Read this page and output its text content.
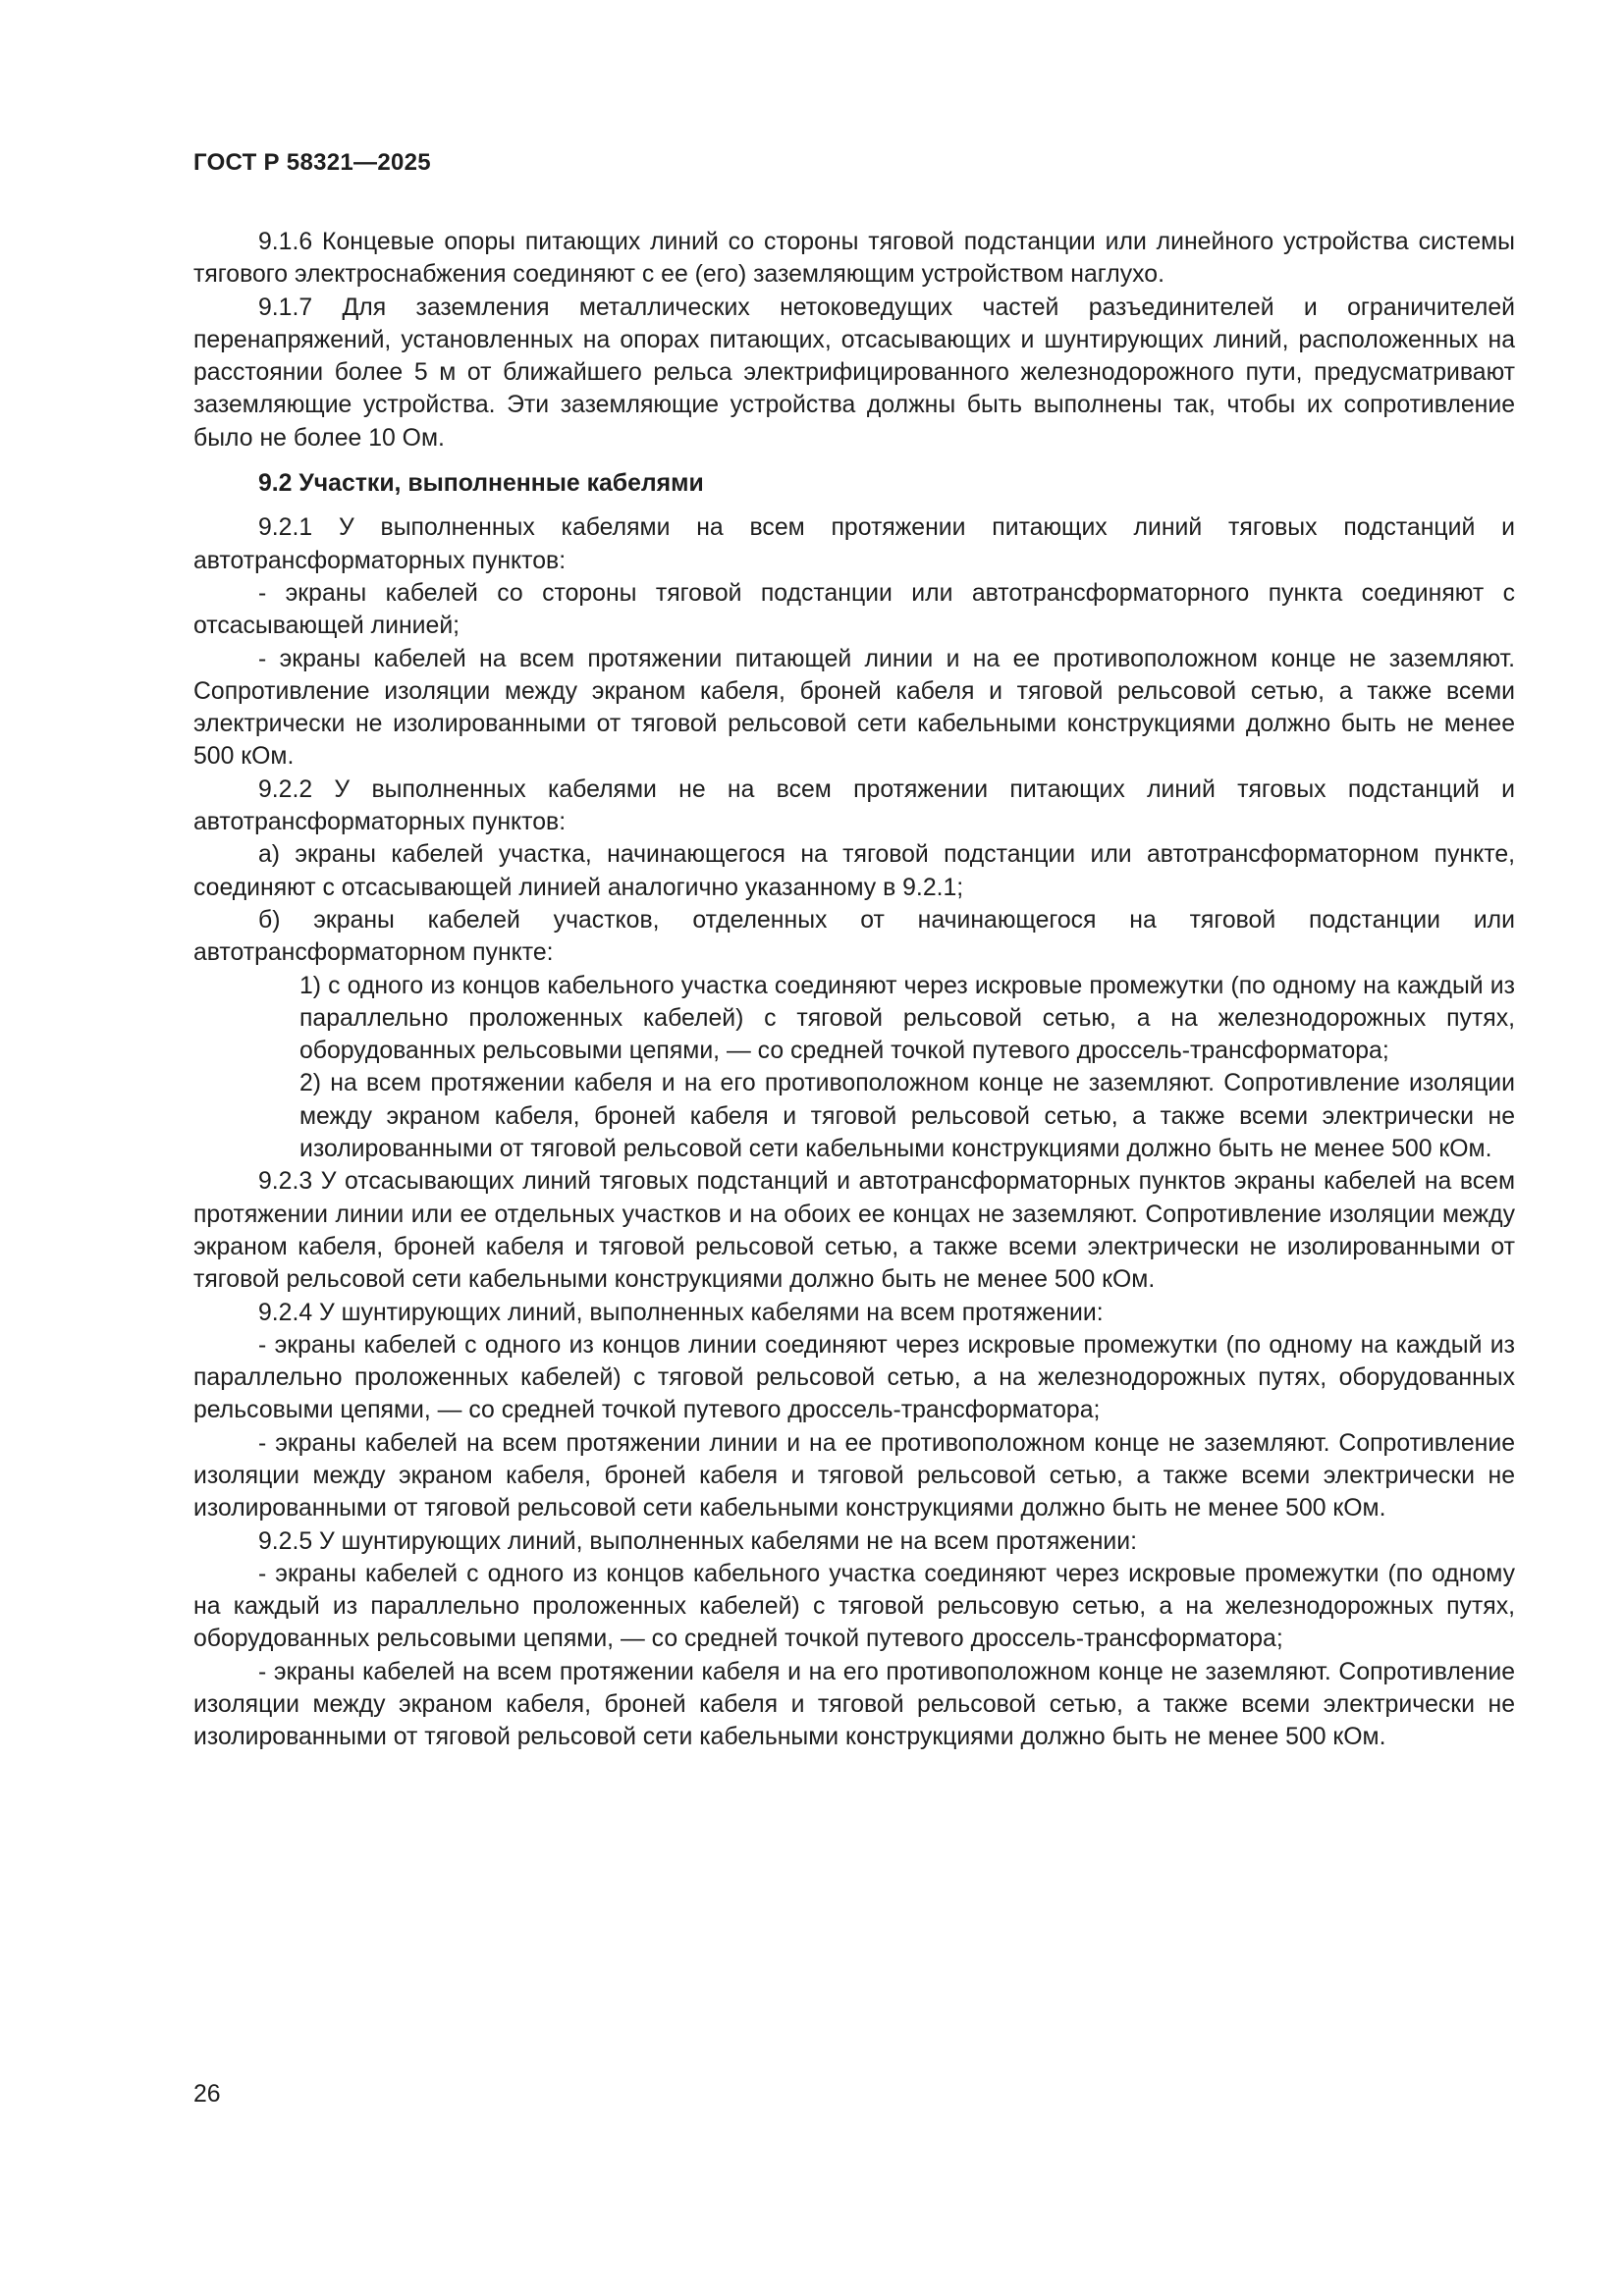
ГОСТ Р 58321—2025

9.1.6 Концевые опоры питающих линий со стороны тяговой подстанции или линейного устройства системы тягового электроснабжения соединяют с ее (его) заземляющим устройством наглухо.

9.1.7 Для заземления металлических нетоковедущих частей разъединителей и ограничителей перенапряжений, установленных на опорах питающих, отсасывающих и шунтирующих линий, расположенных на расстоянии более 5 м от ближайшего рельса электрифицированного железнодорожного пути, предусматривают заземляющие устройства. Эти заземляющие устройства должны быть выполнены так, чтобы их сопротивление было не более 10 Ом.

9.2 Участки, выполненные кабелями

9.2.1 У выполненных кабелями на всем протяжении питающих линий тяговых подстанций и автотрансформаторных пунктов:

- экраны кабелей со стороны тяговой подстанции или автотрансформаторного пункта соединяют с отсасывающей линией;

- экраны кабелей на всем протяжении питающей линии и на ее противоположном конце не заземляют. Сопротивление изоляции между экраном кабеля, броней кабеля и тяговой рельсовой сетью, а также всеми электрически не изолированными от тяговой рельсовой сети кабельными конструкциями должно быть не менее 500 кОм.

9.2.2 У выполненных кабелями не на всем протяжении питающих линий тяговых подстанций и автотрансформаторных пунктов:

а) экраны кабелей участка, начинающегося на тяговой подстанции или автотрансформаторном пункте, соединяют с отсасывающей линией аналогично указанному в 9.2.1;

б) экраны кабелей участков, отделенных от начинающегося на тяговой подстанции или автотрансформаторном пункте:

1) с одного из концов кабельного участка соединяют через искровые промежутки (по одному на каждый из параллельно проложенных кабелей) с тяговой рельсовой сетью, а на железнодорожных путях, оборудованных рельсовыми цепями, — со средней точкой путевого дроссель-трансформатора;

2) на всем протяжении кабеля и на его противоположном конце не заземляют. Сопротивление изоляции между экраном кабеля, броней кабеля и тяговой рельсовой сетью, а также всеми электрически не изолированными от тяговой рельсовой сети кабельными конструкциями должно быть не менее 500 кОм.

9.2.3 У отсасывающих линий тяговых подстанций и автотрансформаторных пунктов экраны кабелей на всем протяжении линии или ее отдельных участков и на обоих ее концах не заземляют. Сопротивление изоляции между экраном кабеля, броней кабеля и тяговой рельсовой сетью, а также всеми электрически не изолированными от тяговой рельсовой сети кабельными конструкциями должно быть не менее 500 кОм.

9.2.4 У шунтирующих линий, выполненных кабелями на всем протяжении:

- экраны кабелей с одного из концов линии соединяют через искровые промежутки (по одному на каждый из параллельно проложенных кабелей) с тяговой рельсовой сетью, а на железнодорожных путях, оборудованных рельсовыми цепями, — со средней точкой путевого дроссель-трансформатора;

- экраны кабелей на всем протяжении линии и на ее противоположном конце не заземляют. Сопротивление изоляции между экраном кабеля, броней кабеля и тяговой рельсовой сетью, а также всеми электрически не изолированными от тяговой рельсовой сети кабельными конструкциями должно быть не менее 500 кОм.

9.2.5 У шунтирующих линий, выполненных кабелями не на всем протяжении:

- экраны кабелей с одного из концов кабельного участка соединяют через искровые промежутки (по одному на каждый из параллельно проложенных кабелей) с тяговой рельсовую сетью, а на железнодорожных путях, оборудованных рельсовыми цепями, — со средней точкой путевого дроссель-трансформатора;

- экраны кабелей на всем протяжении кабеля и на его противоположном конце не заземляют. Сопротивление изоляции между экраном кабеля, броней кабеля и тяговой рельсовой сетью, а также всеми электрически не изолированными от тяговой рельсовой сети кабельными конструкциями должно быть не менее 500 кОм.

26
